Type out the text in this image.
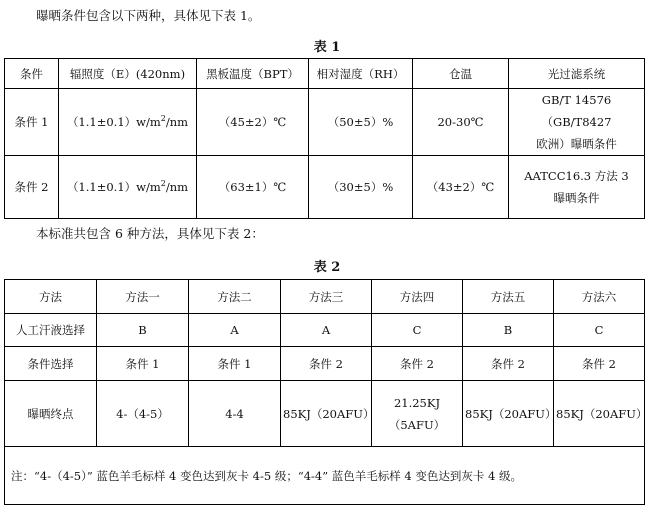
曝晒条件包含以下两种，具体见下表 1。
表 1
条件	辐照度（E）(420nm)	黑板温度（BPT）	相对湿度（RH）	仓温	光过滤系统
条件 1	$(1.1\pm 0.1)w/m^2/nm$	（45±2）℃	（50±5）%	20-30℃	GB/T 14576（GB/T8427
欧洲）曝晒条件

条件 2	$(1.1\pm 0.1)w/m^2/nm$	（63±1）℃	（30±5）%	（43±2）℃	AATCC16.3 方法 3
曝晒条件
本标准共包含 6 种方法，具体见下表 2：
表 2
方法	方法一	方法二	方法三	方法四	方法五	方法六
人工汗液选择	B	A	A	C	B	C
条件选择	条件 1	条件 1	条件 2	条件 2	条件 2	条件 2
曝晒终点	4-（4-5）	4-4	85KJ（20AFU）	21.25KJ
（5AFU）	85KJ（20AFU）	85KJ（20AFU）
注：“4-（4-5）” 蓝色羊毛标样 4 变色达到灰卡 4-5 级；“4-4” 蓝色羊毛标样 4 变色达到灰卡 4 级。						
